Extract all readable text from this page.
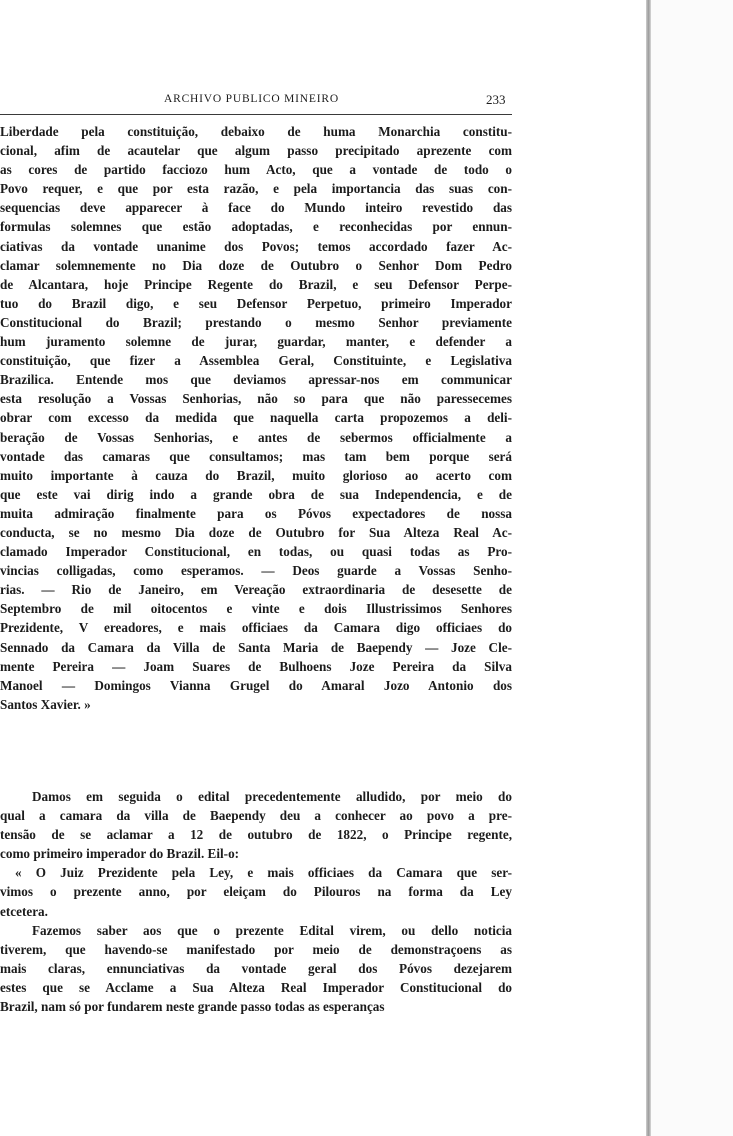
ARCHIVO PUBLICO MINEIRO	233
Liberdade pela constituição, debaixo de huma Monarchia constitu-
cional, afim de acautelar que algum passo precipitado aprezente com
as cores de partido facciozo hum Acto, que a vontade de todo o
Povo requer, e que por esta razão, e pela importancia das suas con-
sequencias deve apparecer à face do Mundo inteiro revestido das
formulas solemnes que estão adoptadas, e reconhecidas por ennun-
ciativas da vontade unanime dos Povos; temos accordado fazer Ac-
clamar solemnemente no Dia doze de Outubro o Senhor Dom Pedro
de Alcantara, hoje Principe Regente do Brazil, e seu Defensor Perpe-
tuo do Brazil digo, e seu Defensor Perpetuo, primeiro Imperador
Constitucional do Brazil; prestando o mesmo Senhor previamente
hum juramento solemne de jurar, guardar, manter, e defender a
constituição, que fizer a Assemblea Geral, Constituinte, e Legislativa
Brazilica. Entende mos que deviamos apressar-nos em communicar
esta resolução a Vossas Senhorias, não so para que não paressecemes
obrar com excesso da medida que naquella carta propozemos a deli-
beração de Vossas Senhorias, e antes de sebermos officialmente a
vontade das camaras que consultamos; mas tam bem porque será
muito importante à cauza do Brazil, muito glorioso ao acerto com
que este vai dirig indo a grande obra de sua Independencia, e de
muita admiração finalmente para os Póvos expectadores de nossa
conducta, se no mesmo Dia doze de Outubro for Sua Alteza Real Ac-
clamado Imperador Constitucional, en todas, ou quasi todas as Pro-
vincias colligadas, como esperamos. — Deos guarde a Vossas Senho-
rias. — Rio de Janeiro, em Vereação extraordinaria de desesette de
Septembro de mil oitocentos e vinte e dois Illustrissimos Senhores
Prezidente, V ereadores, e mais officiaes da Camara digo officiaes do
Sennado da Camara da Villa de Santa Maria de Baependy — Joze Cle-
mente Pereira — Joam Suares de Bulhoens Joze Pereira da Silva
Manoel — Domingos Vianna Grugel do Amaral Jozo Antonio dos
Santos Xavier. »
Damos em seguida o edital precedentemente alludido, por meio do
qual a camara da villa de Baependy deu a conhecer ao povo a pre-
tensão de se aclamar a 12 de outubro de 1822, o Principe regente,
como primeiro imperador do Brazil. Eil-o:
« O Juiz Prezidente pela Ley, e mais officiaes da Camara que ser-
vimos o prezente anno, por eleiçam do Pilouros na forma da Ley
etcetera.
Fazemos saber aos que o prezente Edital virem, ou dello noticia
tiverem, que havendo-se manifestado por meio de demonstraçoens as
mais claras, ennunciativas da vontade geral dos Póvos dezejarem
estes que se Acclame a Sua Alteza Real Imperador Constitucional do
Brazil, nam só por fundarem neste grande passo todas as esperanças
